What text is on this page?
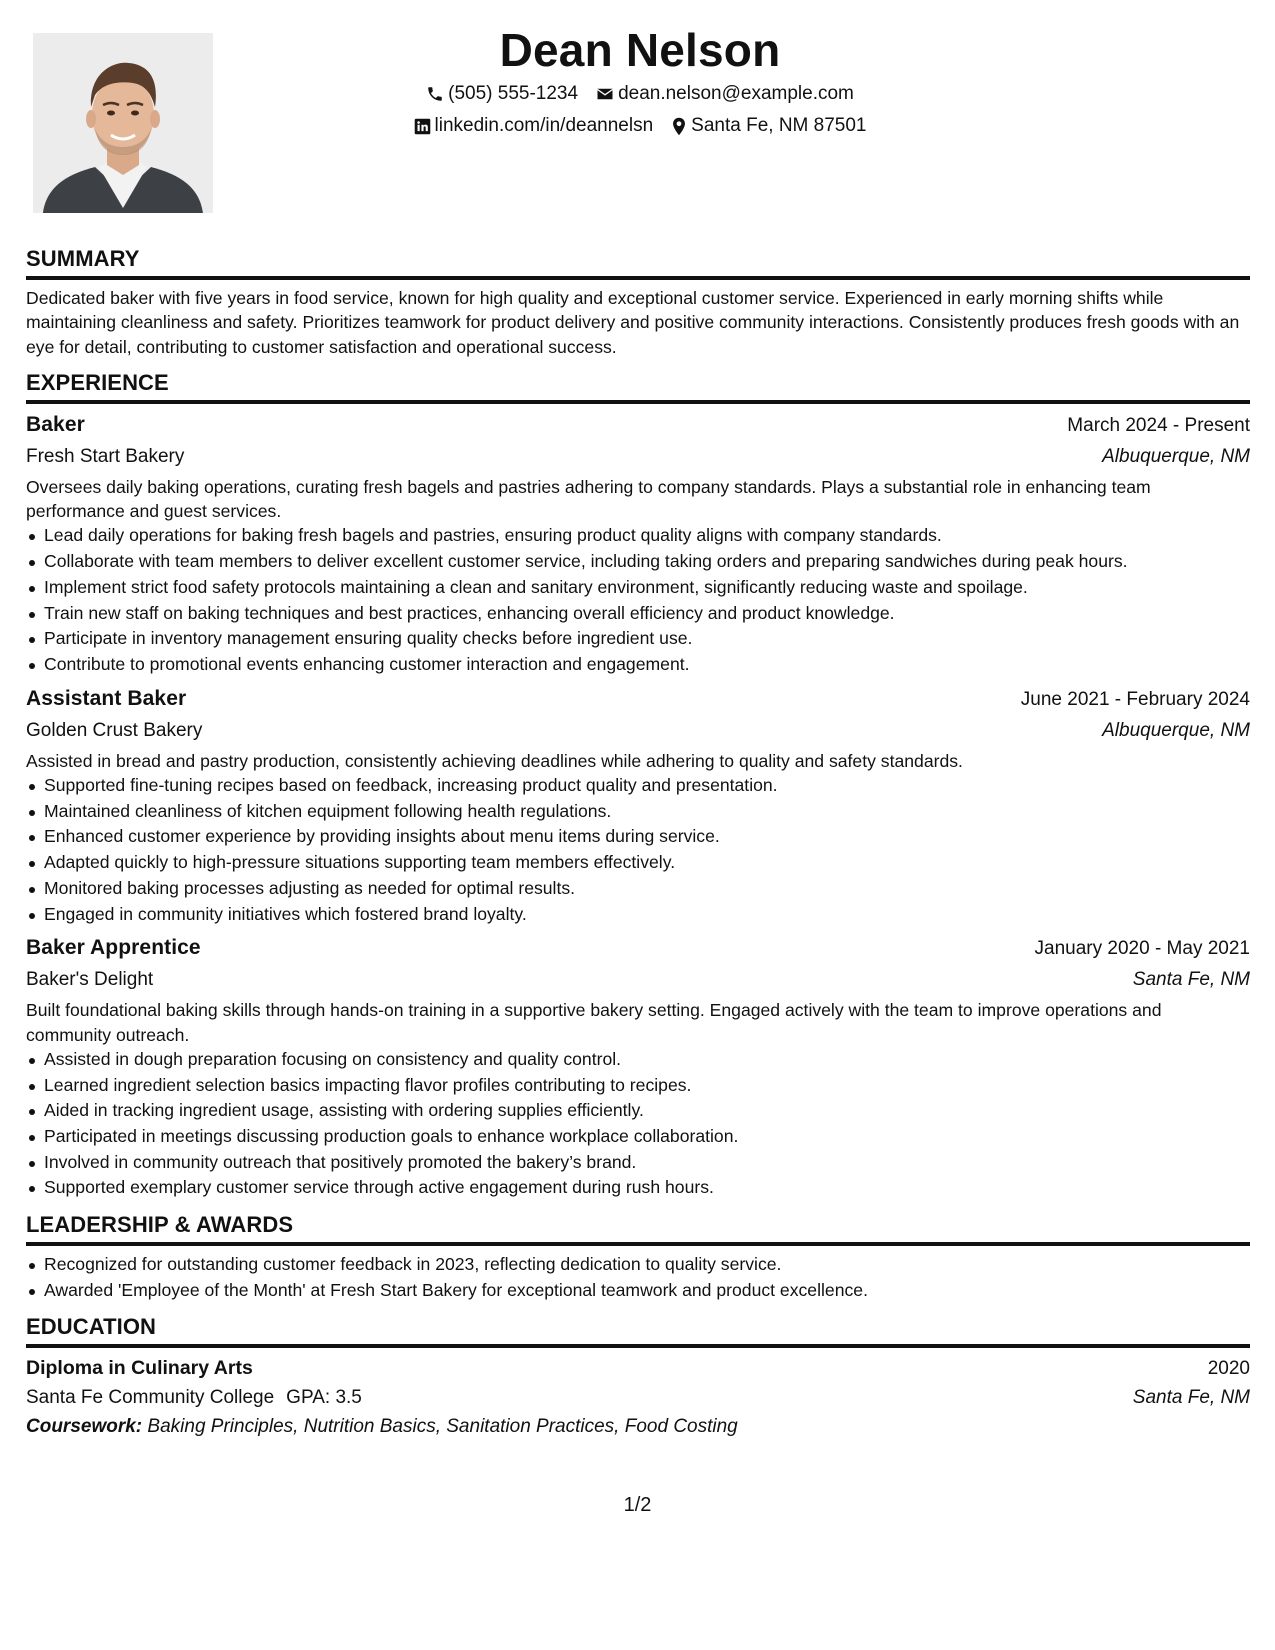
Dean Nelson
(505) 555-1234 dean.nelson@example.com
linkedin.com/in/deannelsn Santa Fe, NM 87501
SUMMARY
Dedicated baker with five years in food service, known for high quality and exceptional customer service. Experienced in early morning shifts while maintaining cleanliness and safety. Prioritizes teamwork for product delivery and positive community interactions. Consistently produces fresh goods with an eye for detail, contributing to customer satisfaction and operational success.
EXPERIENCE
Baker	March 2024 - Present
Fresh Start Bakery	Albuquerque, NM
Oversees daily baking operations, curating fresh bagels and pastries adhering to company standards. Plays a substantial role in enhancing team performance and guest services.
Lead daily operations for baking fresh bagels and pastries, ensuring product quality aligns with company standards.
Collaborate with team members to deliver excellent customer service, including taking orders and preparing sandwiches during peak hours.
Implement strict food safety protocols maintaining a clean and sanitary environment, significantly reducing waste and spoilage.
Train new staff on baking techniques and best practices, enhancing overall efficiency and product knowledge.
Participate in inventory management ensuring quality checks before ingredient use.
Contribute to promotional events enhancing customer interaction and engagement.
Assistant Baker	June 2021 - February 2024
Golden Crust Bakery	Albuquerque, NM
Assisted in bread and pastry production, consistently achieving deadlines while adhering to quality and safety standards.
Supported fine-tuning recipes based on feedback, increasing product quality and presentation.
Maintained cleanliness of kitchen equipment following health regulations.
Enhanced customer experience by providing insights about menu items during service.
Adapted quickly to high-pressure situations supporting team members effectively.
Monitored baking processes adjusting as needed for optimal results.
Engaged in community initiatives which fostered brand loyalty.
Baker Apprentice	January 2020 - May 2021
Baker's Delight	Santa Fe, NM
Built foundational baking skills through hands-on training in a supportive bakery setting. Engaged actively with the team to improve operations and community outreach.
Assisted in dough preparation focusing on consistency and quality control.
Learned ingredient selection basics impacting flavor profiles contributing to recipes.
Aided in tracking ingredient usage, assisting with ordering supplies efficiently.
Participated in meetings discussing production goals to enhance workplace collaboration.
Involved in community outreach that positively promoted the bakery’s brand.
Supported exemplary customer service through active engagement during rush hours.
LEADERSHIP & AWARDS
Recognized for outstanding customer feedback in 2023, reflecting dedication to quality service.
Awarded 'Employee of the Month' at Fresh Start Bakery for exceptional teamwork and product excellence.
EDUCATION
Diploma in Culinary Arts	2020
Santa Fe Community College GPA: 3.5	Santa Fe, NM
Coursework: Baking Principles, Nutrition Basics, Sanitation Practices, Food Costing
1/2
